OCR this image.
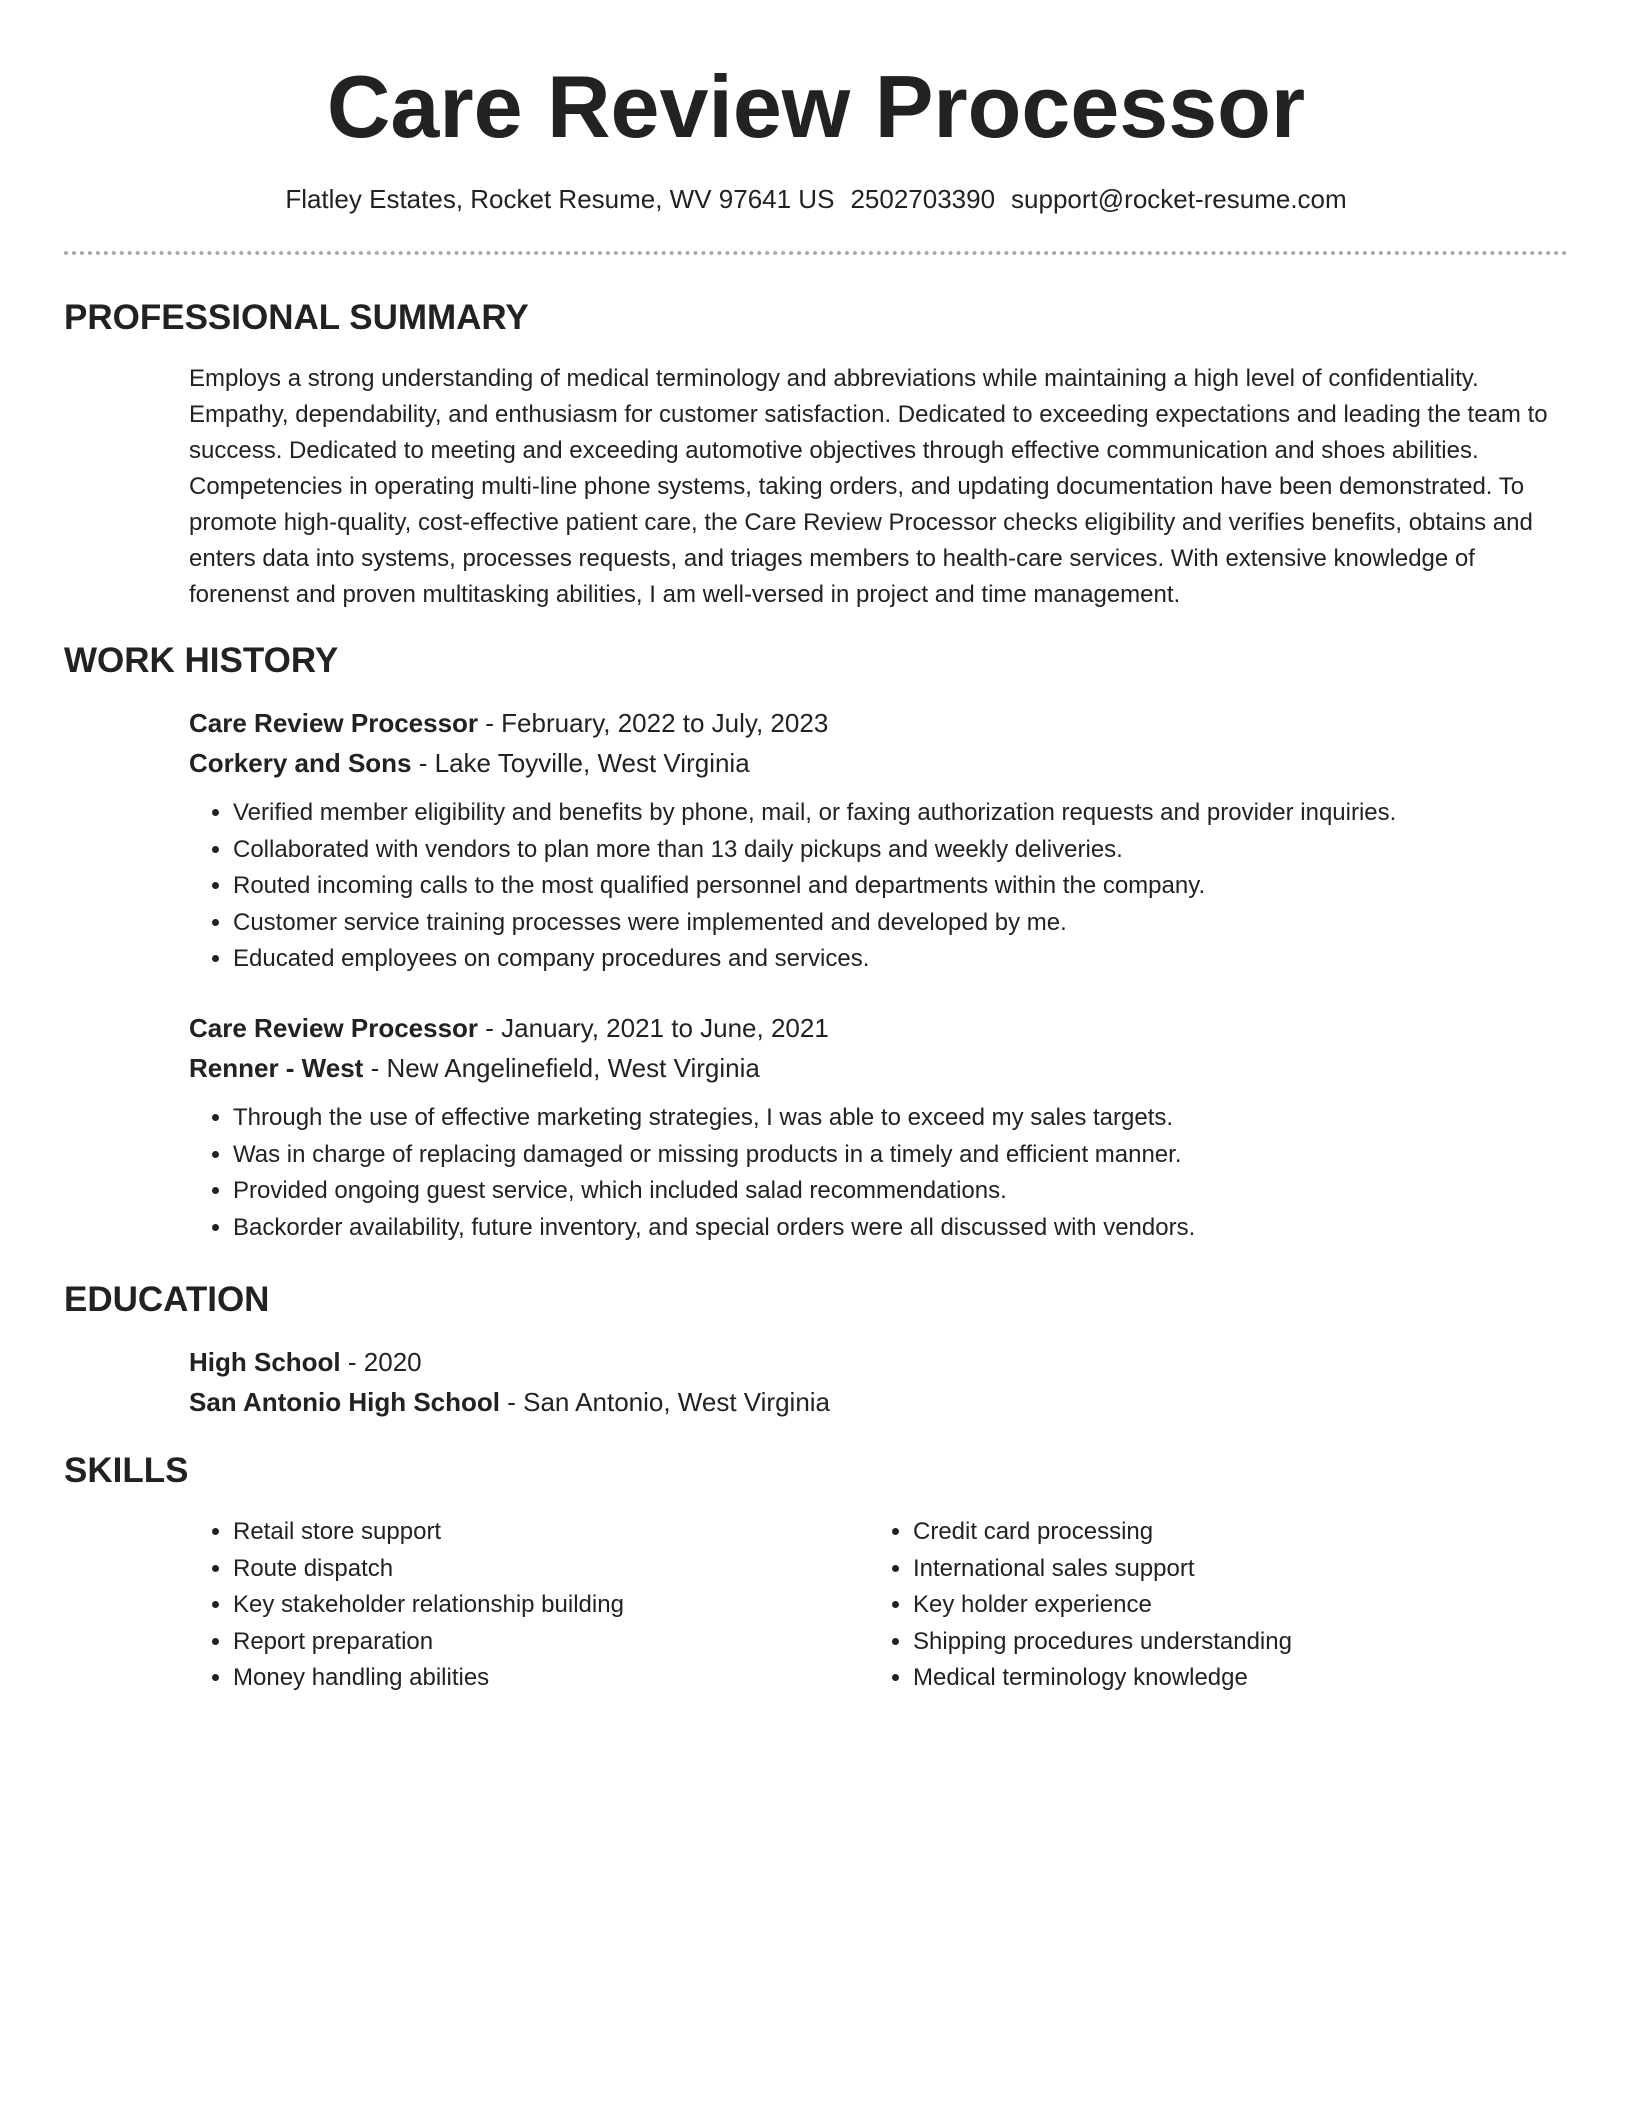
Care Review Processor
Flatley Estates, Rocket Resume, WV 97641 US 2502703390 support@rocket-resume.com
PROFESSIONAL SUMMARY

Employs a strong understanding of medical terminology and abbreviations while maintaining a high level of confidentiality. Empathy, dependability, and enthusiasm for customer satisfaction. Dedicated to exceeding expectations and leading the team to success. Dedicated to meeting and exceeding automotive objectives through effective communication and shoes abilities. Competencies in operating multi-line phone systems, taking orders, and updating documentation have been demonstrated. To promote high-quality, cost-effective patient care, the Care Review Processor checks eligibility and verifies benefits, obtains and enters data into systems, processes requests, and triages members to health-care services. With extensive knowledge of forenenst and proven multitasking abilities, I am well-versed in project and time management.

WORK HISTORY

Care Review Processor - February, 2022 to July, 2023

Corkery and Sons - Lake Toyville, West Virginia

• Verified member eligibility and benefits by phone, mail, or faxing authorization requests and provider inquiries.
• Collaborated with vendors to plan more than 13 daily pickups and weekly deliveries.
• Routed incoming calls to the most qualified personnel and departments within the company.
• Customer service training processes were implemented and developed by me.
• Educated employees on company procedures and services.

Care Review Processor - January, 2021 to June, 2021

Renner - West - New Angelinefield, West Virginia

• Through the use of effective marketing strategies, I was able to exceed my sales targets.
• Was in charge of replacing damaged or missing products in a timely and efficient manner.
• Provided ongoing guest service, which included salad recommendations.
• Backorder availability, future inventory, and special orders were all discussed with vendors.
EDUCATION

High School - 2020

San Antonio High School - San Antonio, West Virginia

SKILLS
• Retail store support
• Route dispatch
• Key stakeholder relationship building
• Report preparation
• Money handling abilities
• Credit card processing
• International sales support
• Key holder experience
• Shipping procedures understanding
• Medical terminology knowledge
